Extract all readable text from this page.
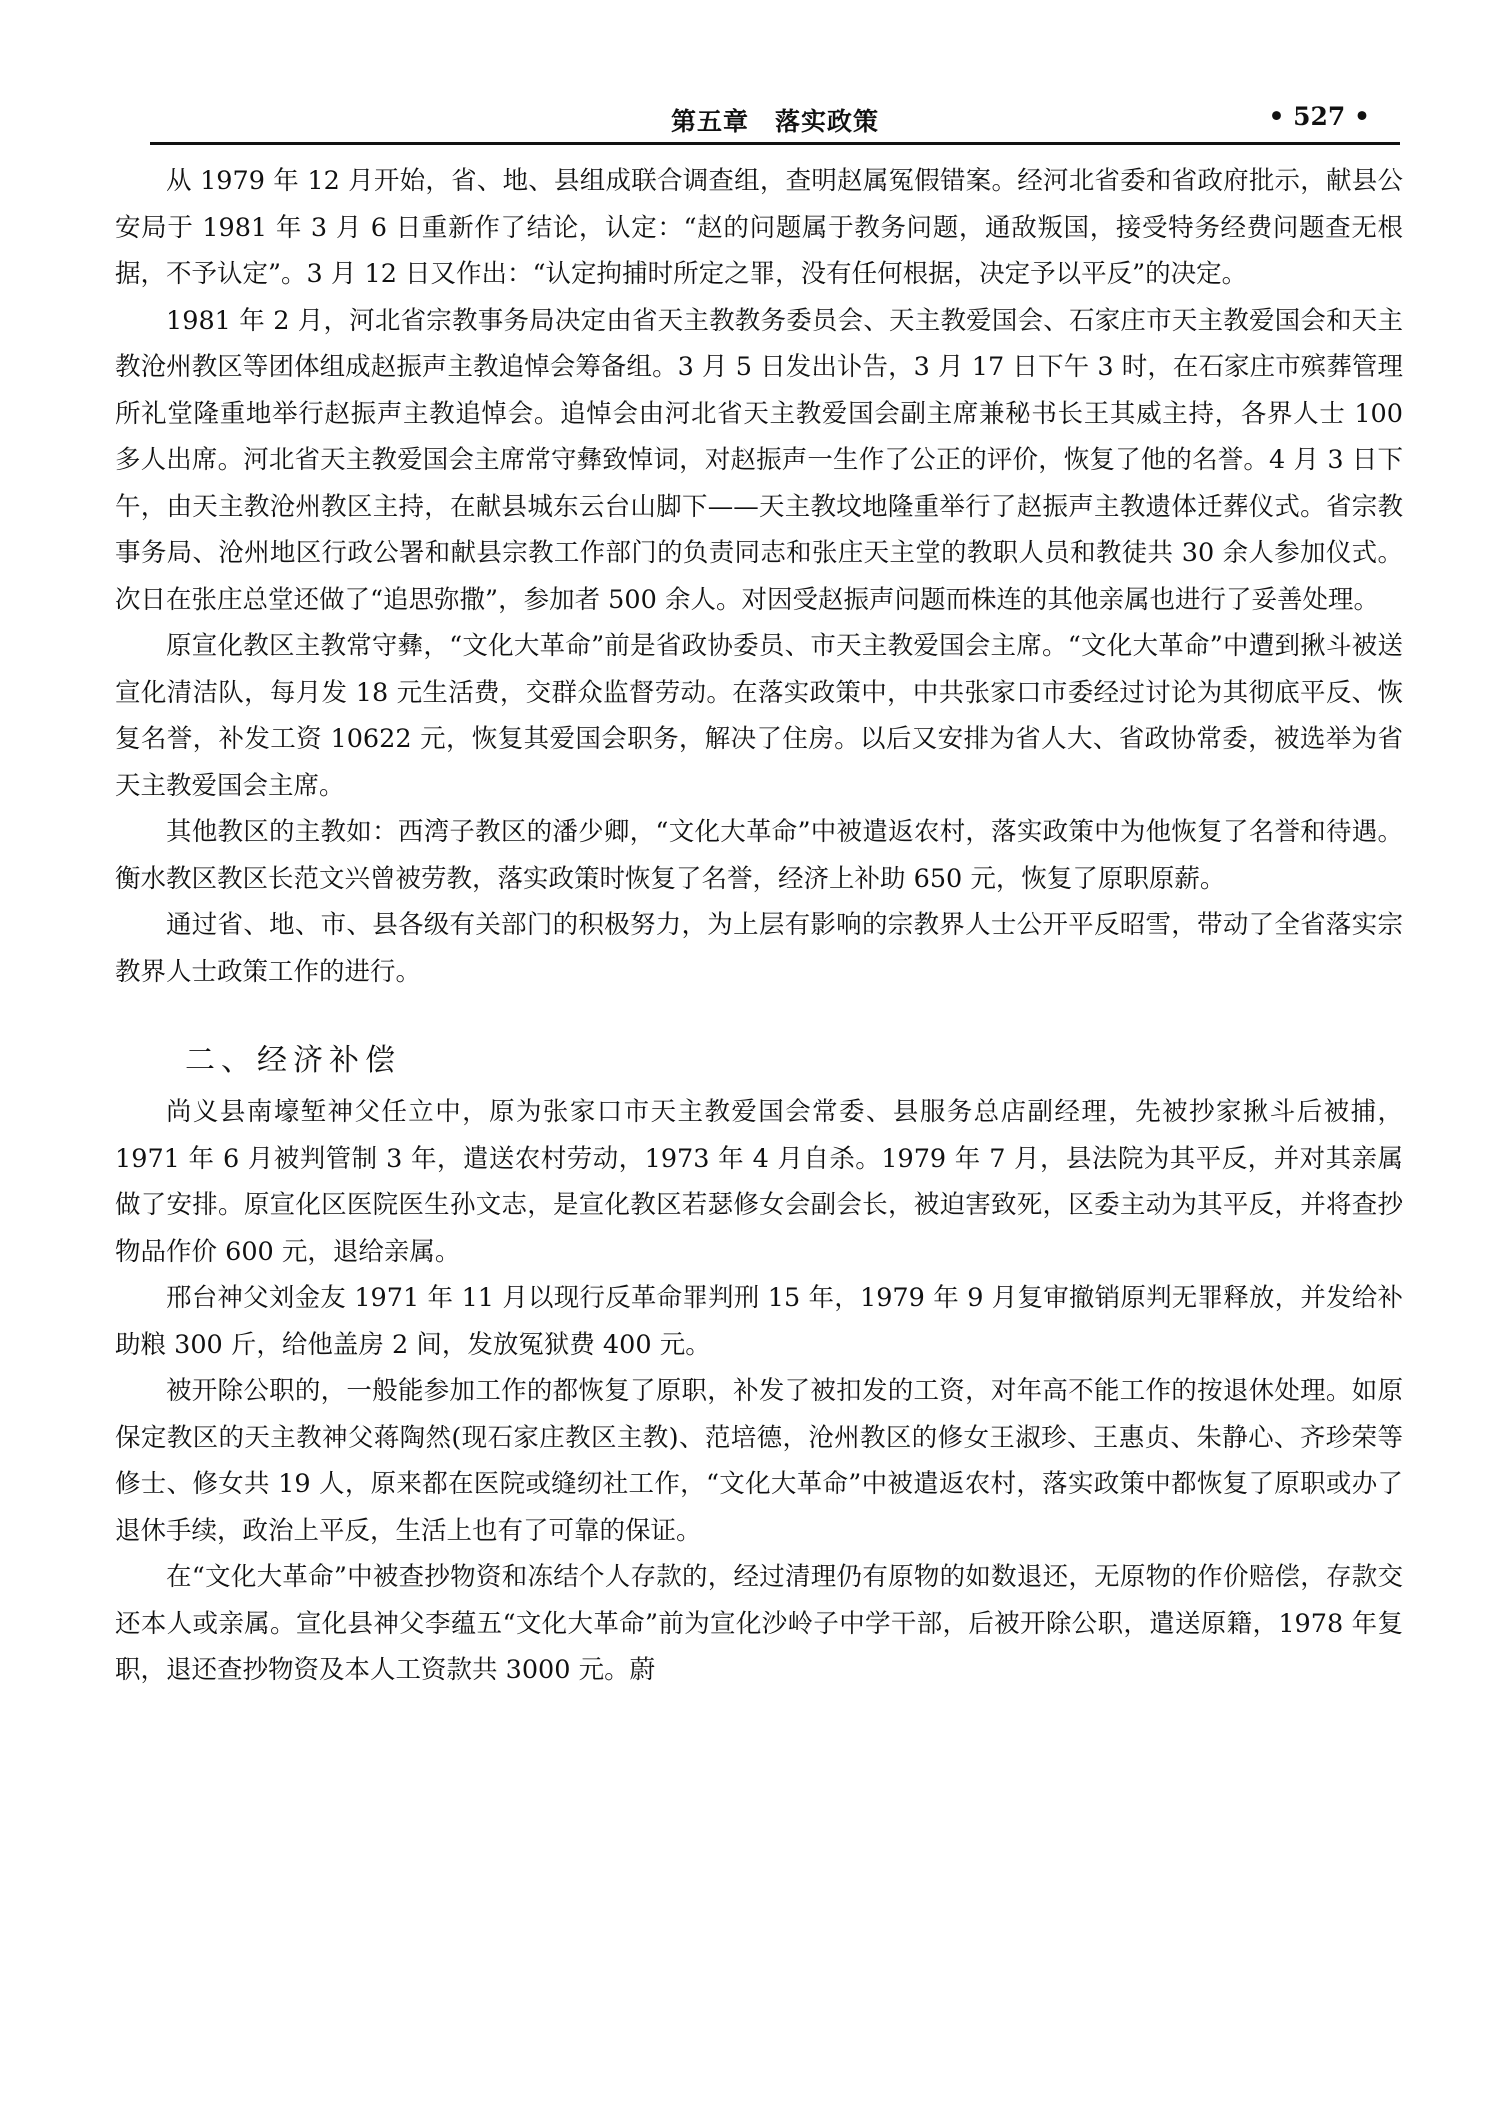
第五章　落实政策	• 527 •

从 1979 年 12 月开始，省、地、县组成联合调查组，查明赵属冤假错案。经河北省委和省政府批示，献县公安局于 1981 年 3 月 6 日重新作了结论，认定：“赵的问题属于教务问题，通敌叛国，接受特务经费问题查无根据，不予认定”。3 月 12 日又作出：“认定拘捕时所定之罪，没有任何根据，决定予以平反”的决定。

1981 年 2 月，河北省宗教事务局决定由省天主教教务委员会、天主教爱国会、石家庄市天主教爱国会和天主教沧州教区等团体组成赵振声主教追悼会筹备组。3 月 5 日发出讣告，3 月 17 日下午 3 时，在石家庄市殡葬管理所礼堂隆重地举行赵振声主教追悼会。追悼会由河北省天主教爱国会副主席兼秘书长王其威主持，各界人士 100 多人出席。河北省天主教爱国会主席常守彝致悼词，对赵振声一生作了公正的评价，恢复了他的名誉。4 月 3 日下午，由天主教沧州教区主持，在献县城东云台山脚下——天主教坟地隆重举行了赵振声主教遗体迁葬仪式。省宗教事务局、沧州地区行政公署和献县宗教工作部门的负责同志和张庄天主堂的教职人员和教徒共 30 余人参加仪式。次日在张庄总堂还做了“追思弥撒”，参加者 500 余人。对因受赵振声问题而株连的其他亲属也进行了妥善处理。

原宣化教区主教常守彝，“文化大革命”前是省政协委员、市天主教爱国会主席。“文化大革命”中遭到揪斗被送宣化清洁队，每月发 18 元生活费，交群众监督劳动。在落实政策中，中共张家口市委经过讨论为其彻底平反、恢复名誉，补发工资 10622 元，恢复其爱国会职务，解决了住房。以后又安排为省人大、省政协常委，被选举为省天主教爱国会主席。

其他教区的主教如：西湾子教区的潘少卿，“文化大革命”中被遣返农村，落实政策中为他恢复了名誉和待遇。衡水教区教区长范文兴曾被劳教，落实政策时恢复了名誉，经济上补助 650 元，恢复了原职原薪。

通过省、地、市、县各级有关部门的积极努力，为上层有影响的宗教界人士公开平反昭雪，带动了全省落实宗教界人士政策工作的进行。

二、经济补偿

尚义县南壕堑神父任立中，原为张家口市天主教爱国会常委、县服务总店副经理，先被抄家揪斗后被捕，1971 年 6 月被判管制 3 年，遣送农村劳动，1973 年 4 月自杀。1979 年 7 月，县法院为其平反，并对其亲属做了安排。原宣化区医院医生孙文志，是宣化教区若瑟修女会副会长，被迫害致死，区委主动为其平反，并将查抄物品作价 600 元，退给亲属。

邢台神父刘金友 1971 年 11 月以现行反革命罪判刑 15 年，1979 年 9 月复审撤销原判无罪释放，并发给补助粮 300 斤，给他盖房 2 间，发放冤狱费 400 元。

被开除公职的，一般能参加工作的都恢复了原职，补发了被扣发的工资，对年高不能工作的按退休处理。如原保定教区的天主教神父蒋陶然(现石家庄教区主教)、范培德，沧州教区的修女王淑珍、王惠贞、朱静心、齐珍荣等修士、修女共 19 人，原来都在医院或缝纫社工作，“文化大革命”中被遣返农村，落实政策中都恢复了原职或办了退休手续，政治上平反，生活上也有了可靠的保证。

在“文化大革命”中被查抄物资和冻结个人存款的，经过清理仍有原物的如数退还，无原物的作价赔偿，存款交还本人或亲属。宣化县神父李蕴五“文化大革命”前为宣化沙岭子中学干部，后被开除公职，遣送原籍，1978 年复职，退还查抄物资及本人工资款共 3000 元。蔚
